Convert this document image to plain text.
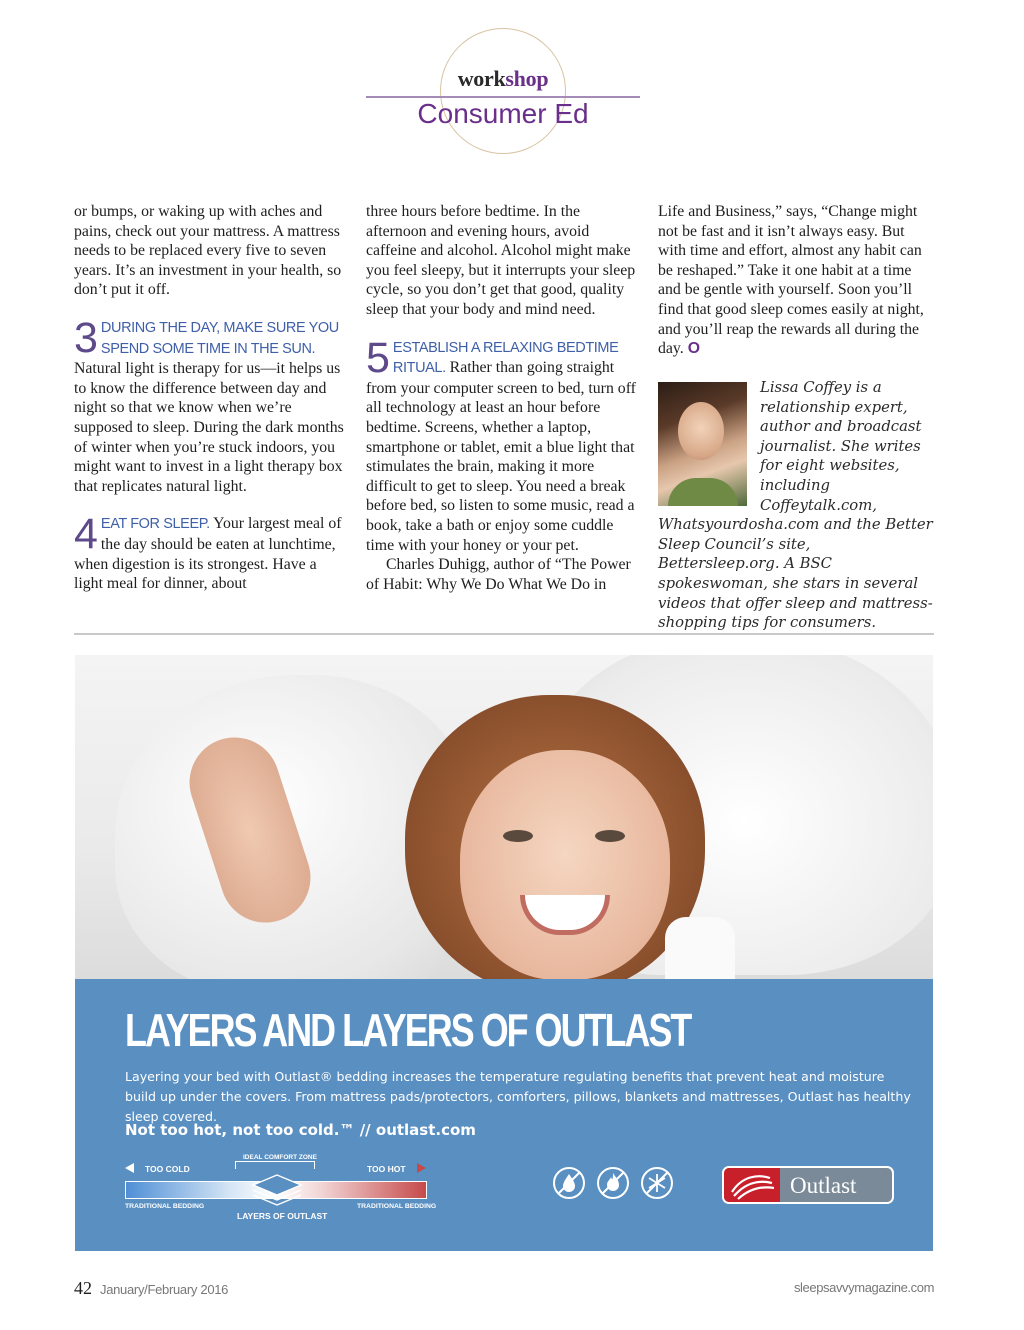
workshop
Consumer Ed

or bumps, or waking up with aches and pains, check out your mattress. A mattress needs to be replaced every five to seven years. It’s an investment in your health, so don’t put it off.

3 DURING THE DAY, MAKE SURE YOU SPEND SOME TIME IN THE SUN. Natural light is therapy for us—it helps us to know the difference between day and night so that we know when we’re supposed to sleep. During the dark months of winter when you’re stuck indoors, you might want to invest in a light therapy box that replicates natural light.

4 EAT FOR SLEEP. Your largest meal of the day should be eaten at lunchtime, when digestion is its strongest. Have a light meal for dinner, about

three hours before bedtime. In the afternoon and evening hours, avoid caffeine and alcohol. Alcohol might make you feel sleepy, but it interrupts your sleep cycle, so you don’t get that good, quality sleep that your body and mind need.

5 ESTABLISH A RELAXING BEDTIME RITUAL. Rather than going straight from your computer screen to bed, turn off all technology at least an hour before bedtime. Screens, whether a laptop, smartphone or tablet, emit a blue light that stimulates the brain, making it more difficult to get to sleep. You need a break before bed, so listen to some music, read a book, take a bath or enjoy some cuddle time with your honey or your pet.

Charles Duhigg, author of “The Power of Habit: Why We Do What We Do in

Life and Business,” says, “Change might not be fast and it isn’t always easy. But with time and effort, almost any habit can be reshaped.” Take it one habit at a time and be gentle with yourself. Soon you’ll find that good sleep comes easily at night, and you’ll reap the rewards all during the day. O

Lissa Coffey is a relationship expert, author and broadcast journalist. She writes for eight websites, including Coffeytalk.com, Whatsyourdosha.com and the Better Sleep Council’s site, Bettersleep.org. A BSC spokeswoman, she stars in several videos that offer sleep and mattress-shopping tips for consumers.
LAYERS AND LAYERS OF OUTLAST
Layering your bed with Outlast® bedding increases the temperature regulating benefits that prevent heat and moisture build up under the covers. From mattress pads/protectors, comforters, pillows, blankets and mattresses, Outlast has healthy sleep covered.
Not too hot, not too cold.™ // outlast.com
TOO COLD
IDEAL COMFORT ZONE
TOO HOT
TRADITIONAL BEDDING	TRADITIONAL BEDDING
LAYERS OF OUTLAST
Outlast
42 January/February 2016	sleepsavvymagazine.com
